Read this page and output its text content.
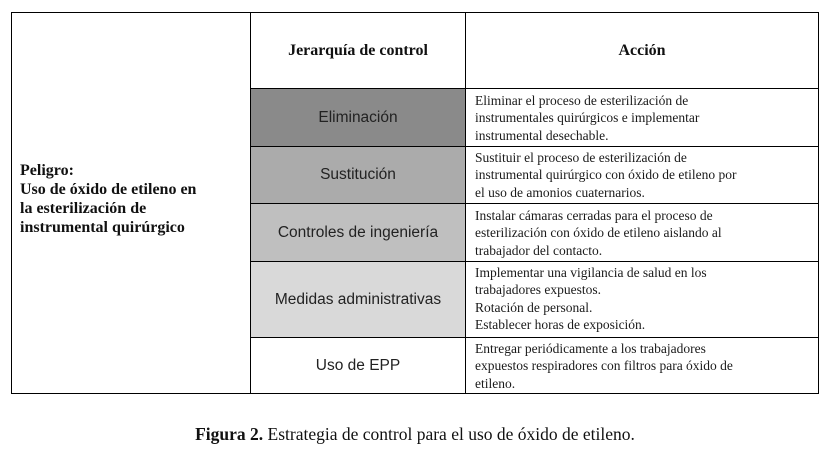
Peligro:
Uso de óxido de etileno en
la esterilización de
instrumental quirúrgico
Jerarquía de control	Acción
Eliminación
Eliminar el proceso de esterilización de
instrumentales quirúrgicos e implementar
instrumental desechable.
Sustitución
Sustituir el proceso de esterilización de
instrumental quirúrgico con óxido de etileno por
el uso de amonios cuaternarios.
Controles de ingeniería
Instalar cámaras cerradas para el proceso de
esterilización con óxido de etileno aislando al
trabajador del contacto.
Medidas administrativas
Implementar una vigilancia de salud en los
trabajadores expuestos.
Rotación de personal.
Establecer horas de exposición.
Uso de EPP
Entregar periódicamente a los trabajadores
expuestos respiradores con filtros para óxido de
etileno.
Figura 2. Estrategia de control para el uso de óxido de etileno.
